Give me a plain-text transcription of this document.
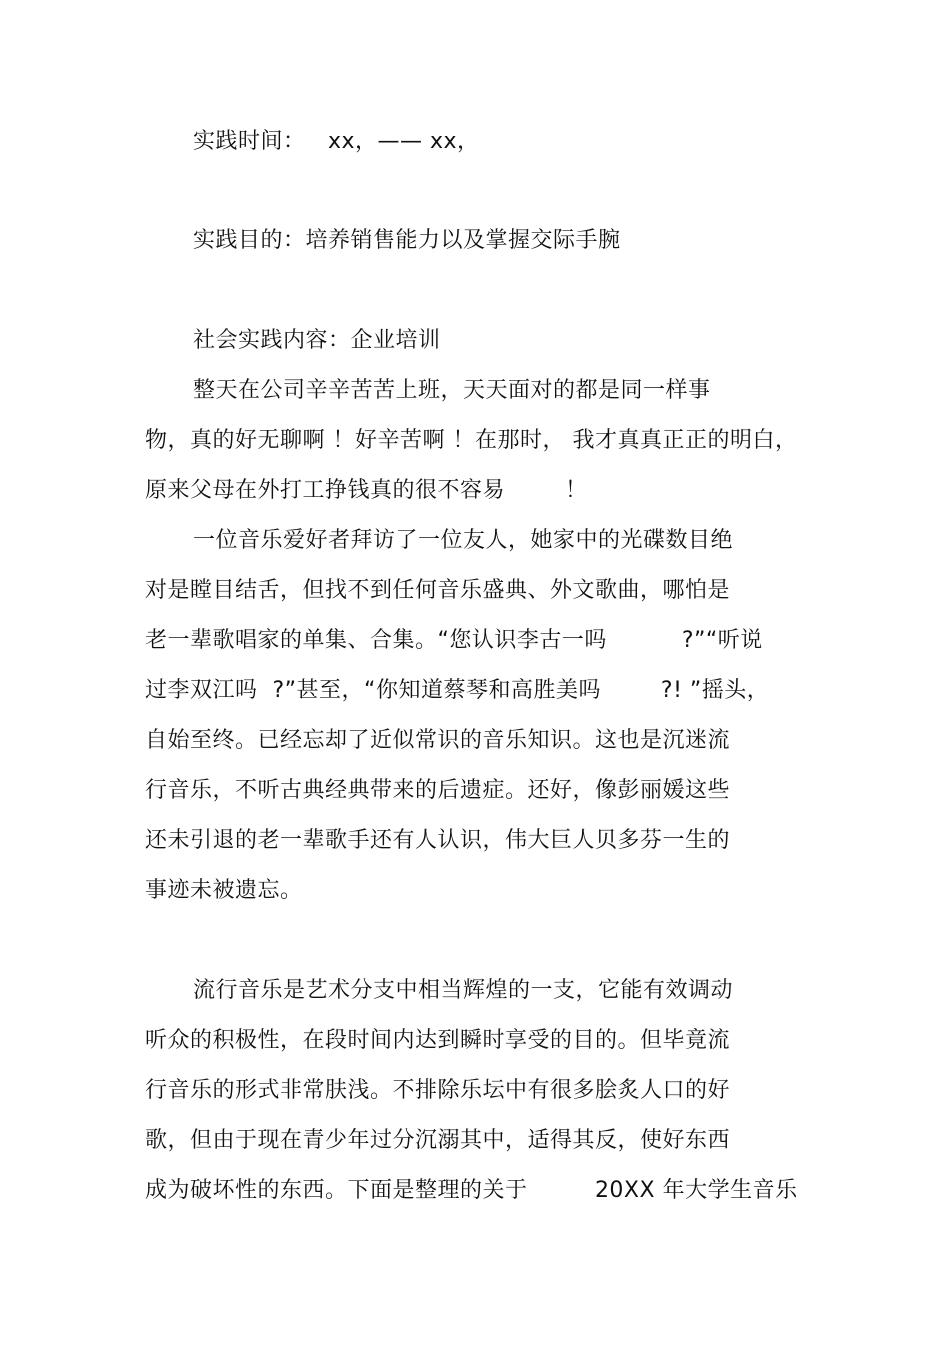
实践时间：   xx，—— xx，
实践目的：培养销售能力以及掌握交际手腕
社会实践内容：企业培训
整天在公司辛辛苦苦上班，天天面对的都是同一样事
物，真的好无聊啊 ！好辛苦啊 ！在那时， 我才真真正正的明白，
原来父母在外打工挣钱真的很不容易        ！
一位音乐爱好者拜访了一位友人，她家中的光碟数目绝
对是瞠目结舌，但找不到任何音乐盛典、外文歌曲，哪怕是
老一辈歌唱家的单集、合集。“您认识李古一吗          ?”“听说
过李双江吗  ?”甚至，“你知道蔡琴和高胜美吗        ?! ”摇头，
自始至终。已经忘却了近似常识的音乐知识。这也是沉迷流
行音乐，不听古典经典带来的后遗症。还好，像彭丽媛这些
还未引退的老一辈歌手还有人认识，伟大巨人贝多芬一生的
事迹未被遗忘。
流行音乐是艺术分支中相当辉煌的一支，它能有效调动
听众的积极性，在段时间内达到瞬时享受的目的。但毕竟流
行音乐的形式非常肤浅。不排除乐坛中有很多脍炙人口的好
歌，但由于现在青少年过分沉溺其中，适得其反，使好东西
成为破坏性的东西。下面是整理的关于         20XX 年大学生音乐
